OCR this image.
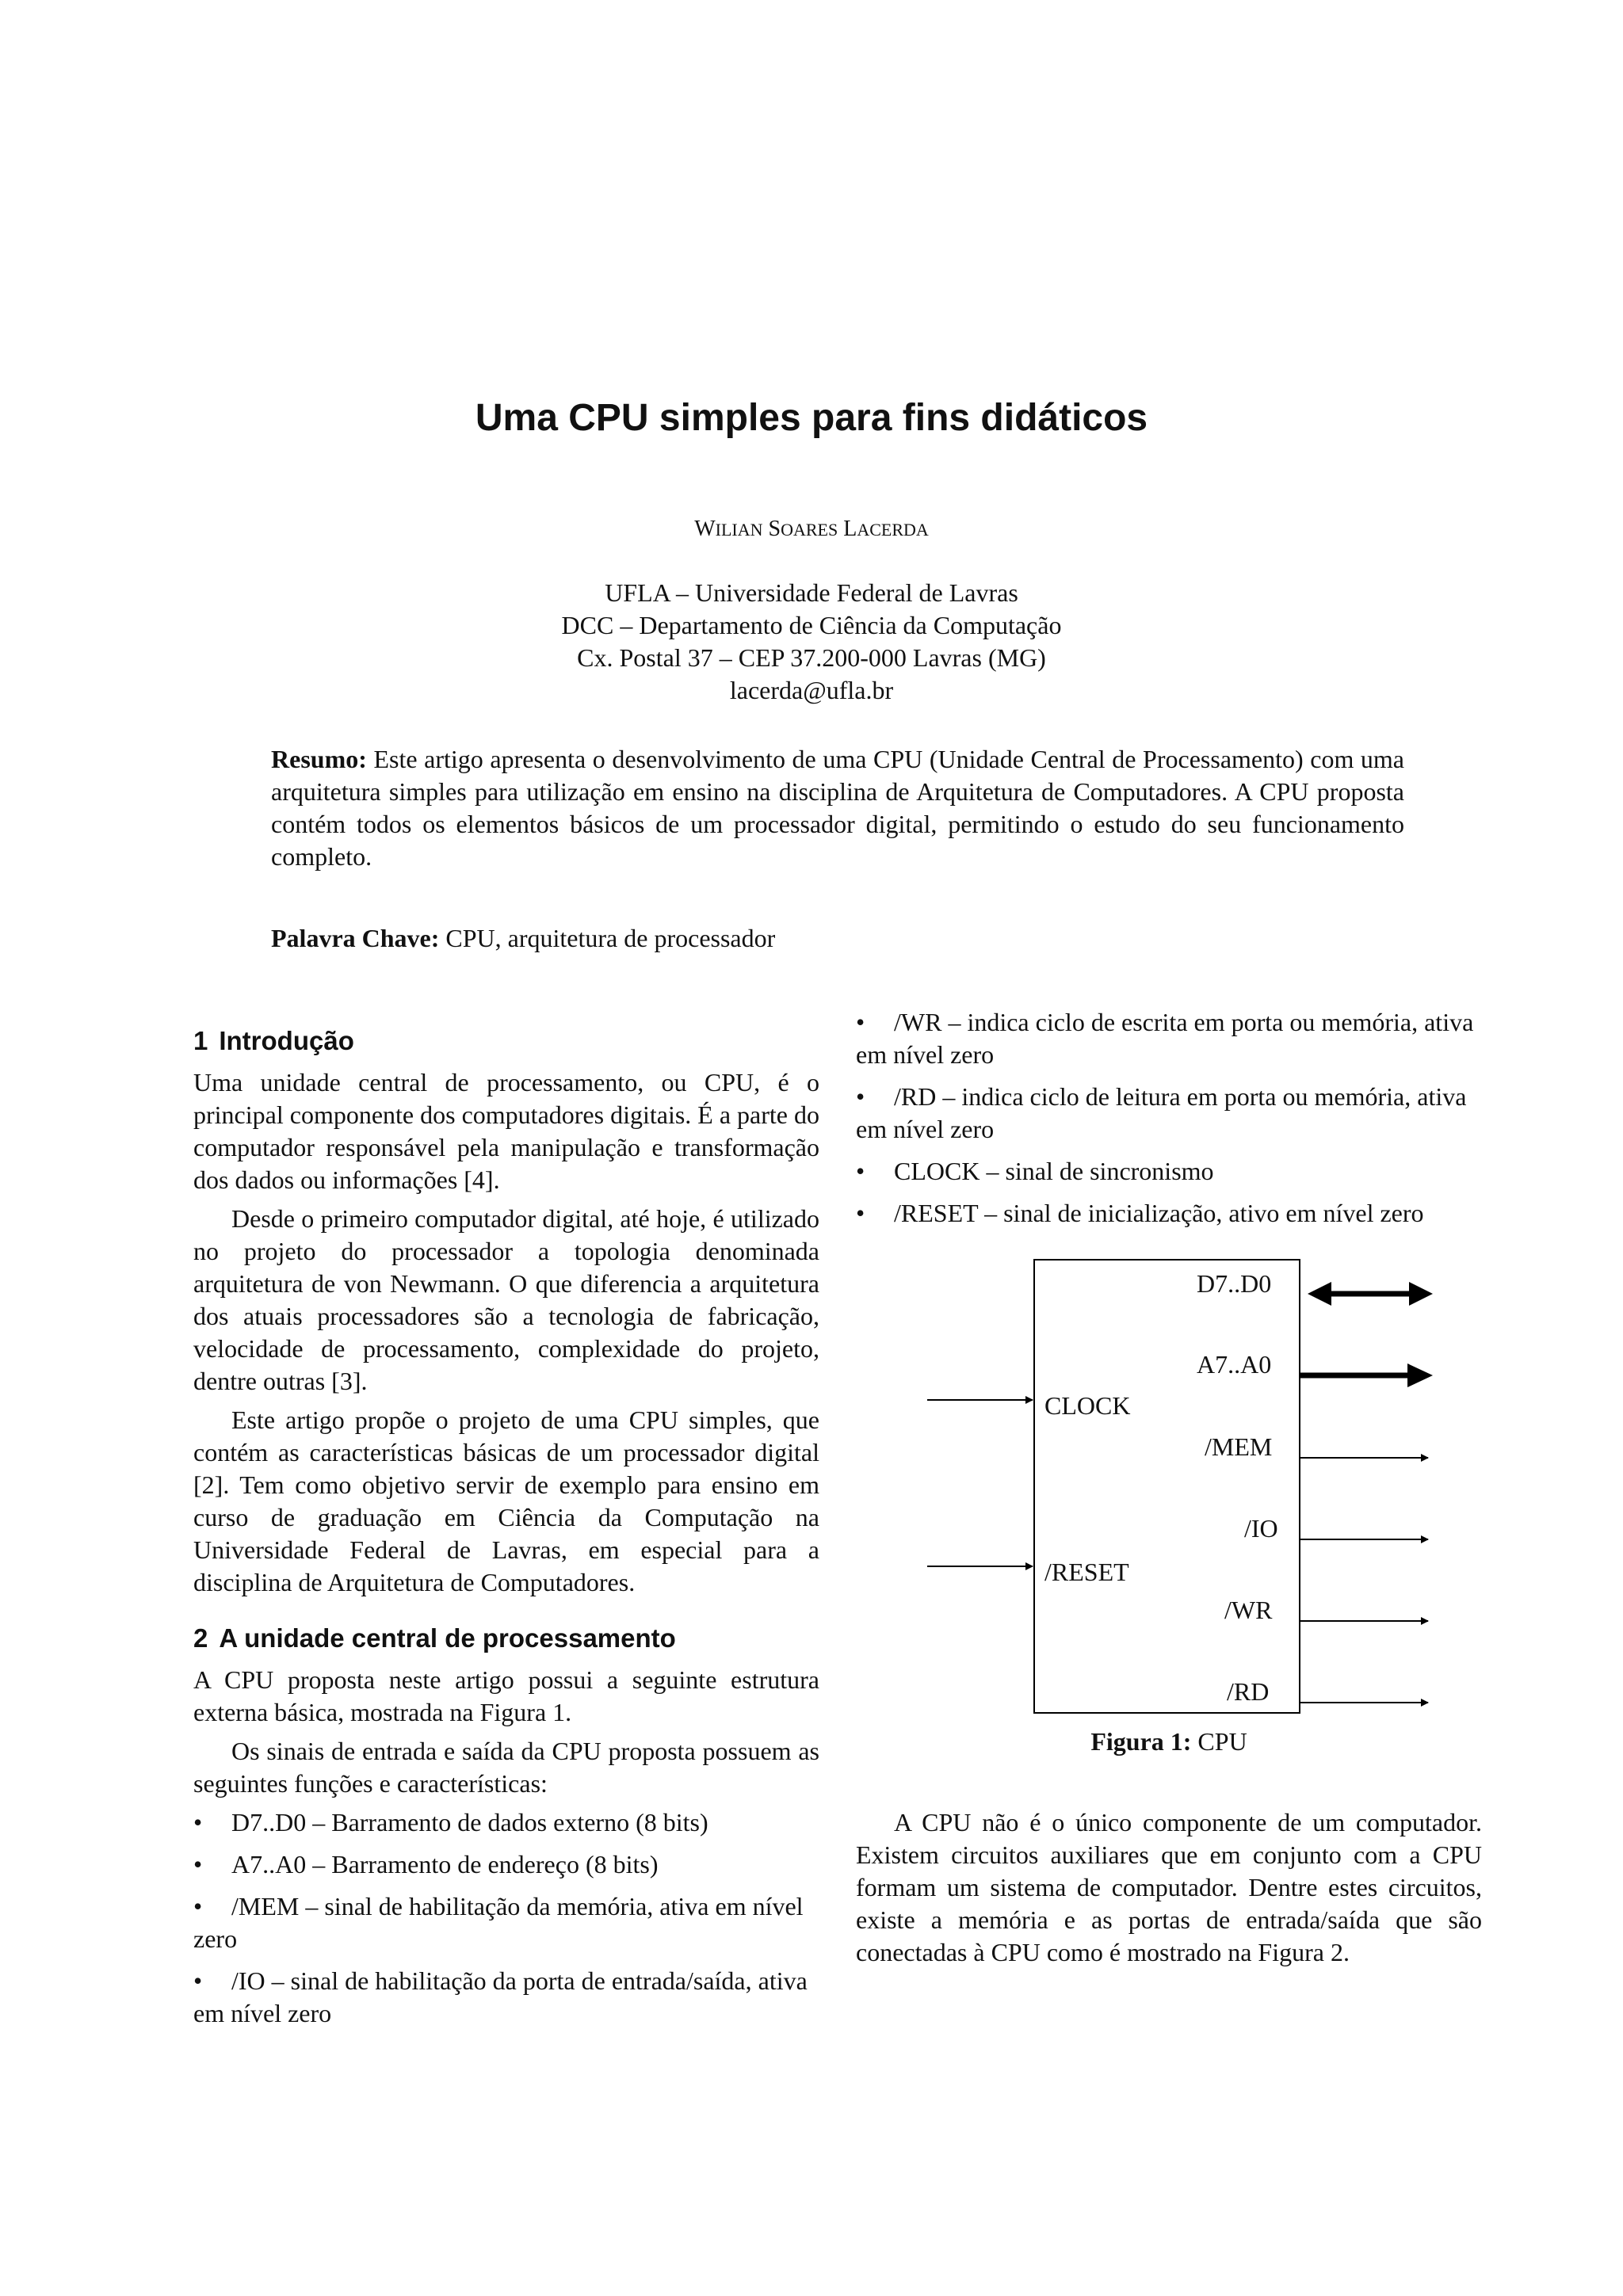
Uma CPU simples para fins didáticos
WILIAN SOARES LACERDA
UFLA – Universidade Federal de Lavras
DCC – Departamento de Ciência da Computação
Cx. Postal 37 – CEP 37.200-000 Lavras (MG)
lacerda@ufla.br
Resumo: Este artigo apresenta o desenvolvimento de uma CPU (Unidade Central de Processamento) com uma arquitetura simples para utilização em ensino na disciplina de Arquitetura de Computadores. A CPU proposta contém todos os elementos básicos de um processador digital, permitindo o estudo do seu funcionamento completo.
Palavra Chave: CPU, arquitetura de processador
1 Introdução

Uma unidade central de processamento, ou CPU, é o principal componente dos computadores digitais. É a parte do computador responsável pela manipulação e transformação dos dados ou informações [4].

Desde o primeiro computador digital, até hoje, é utilizado no projeto do processador a topologia denominada arquitetura de von Newmann. O que diferencia a arquitetura dos atuais processadores são a tecnologia de fabricação, velocidade de processamento, complexidade do projeto, dentre outras [3].

Este artigo propõe o projeto de uma CPU simples, que contém as características básicas de um processador digital [2]. Tem como objetivo servir de exemplo para ensino em curso de graduação em Ciência da Computação na Universidade Federal de Lavras, em especial para a disciplina de Arquitetura de Computadores.

2 A unidade central de processamento

A CPU proposta neste artigo possui a seguinte estrutura externa básica, mostrada na Figura 1.

Os sinais de entrada e saída da CPU proposta possuem as seguintes funções e características:

• D7..D0 – Barramento de dados externo (8 bits)
• A7..A0 – Barramento de endereço (8 bits)
• /MEM – sinal de habilitação da memória, ativa em nível zero
• /IO – sinal de habilitação da porta de entrada/saída, ativa em nível zero
• /WR – indica ciclo de escrita em porta ou memória, ativa em nível zero
• /RD – indica ciclo de leitura em porta ou memória, ativa em nível zero
• CLOCK – sinal de sincronismo
• /RESET – sinal de inicialização, ativo em nível zero
D7..D0
A7..A0
/MEM
/IO
/WR
/RD
CLOCK
/RESET
Figura 1: CPU

A CPU não é o único componente de um computador. Existem circuitos auxiliares que em conjunto com a CPU formam um sistema de computador. Dentre estes circuitos, existe a memória e as portas de entrada/saída que são conectadas à CPU como é mostrado na Figura 2.
